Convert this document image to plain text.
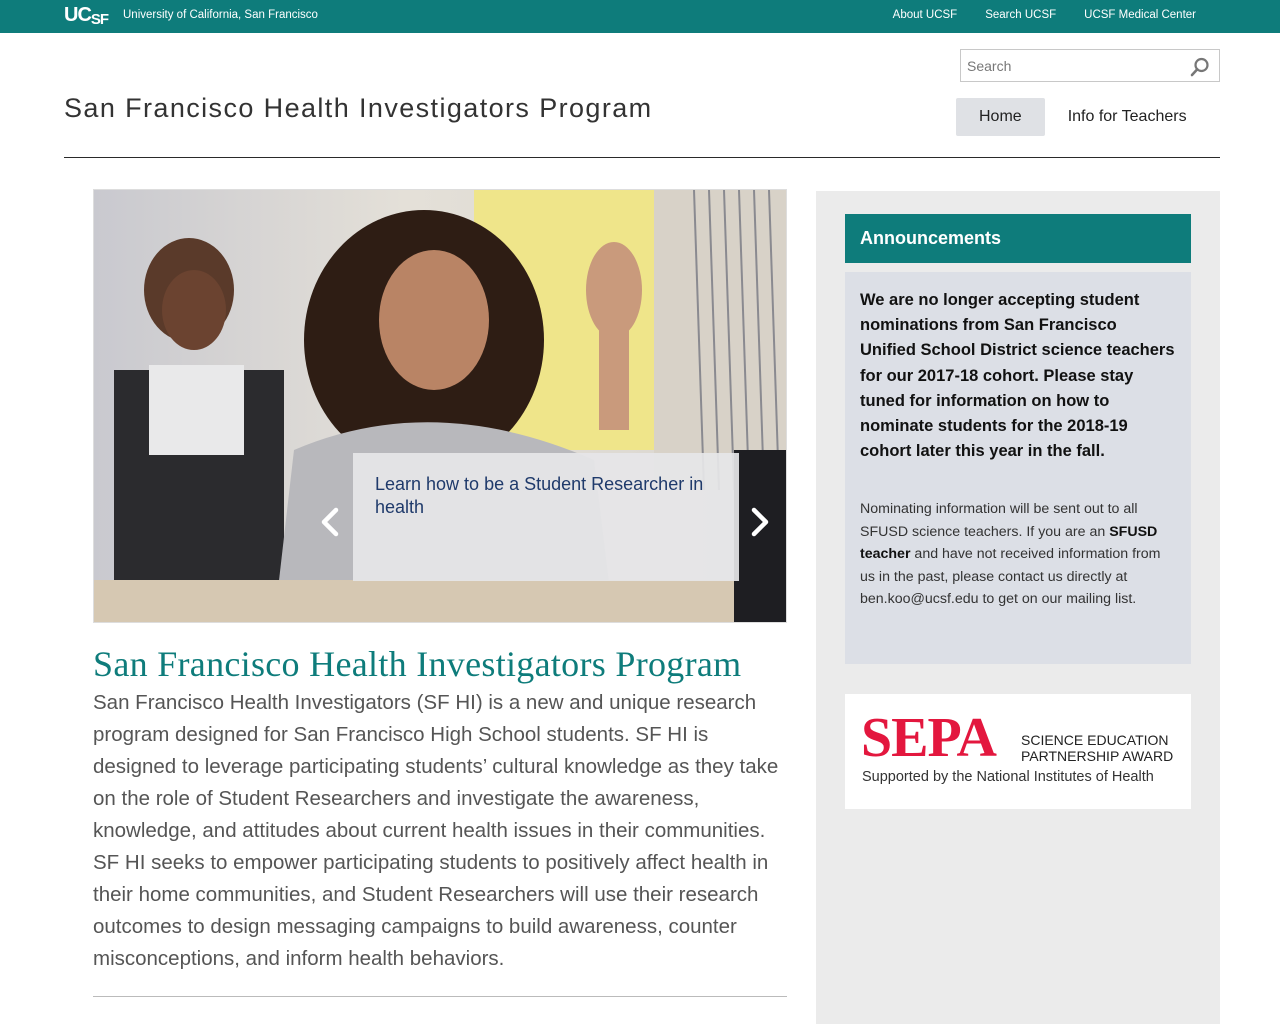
UCSF University of California, San Francisco	About UCSF Search UCSF UCSF Medical Center
Search
San Francisco Health Investigators Program	Home	Info for Teachers
Learn how to be a Student Researcher in health
San Francisco Health Investigators Program

San Francisco Health Investigators (SF HI) is a new and unique research program designed for San Francisco High School students. SF HI is designed to leverage participating students’ cultural knowledge as they take on the role of Student Researchers and investigate the awareness, knowledge, and attitudes about current health issues in their communities. SF HI seeks to empower participating students to positively affect health in their home communities, and Student Researchers will use their research outcomes to design messaging campaigns to build awareness, counter misconceptions, and inform health behaviors.

Announcements

We are no longer accepting student nominations from San Francisco Unified School District science teachers for our 2017-18 cohort. Please stay tuned for information on how to nominate students for the 2018-19 cohort later this year in the fall.

Nominating information will be sent out to all SFUSD science teachers. If you are an SFUSD teacher and have not received information from us in the past, please contact us directly at ben.koo@ucsf.edu to get on our mailing list.

SEPA SCIENCE EDUCATION
PARTNERSHIP AWARD
Supported by the National Institutes of Health
